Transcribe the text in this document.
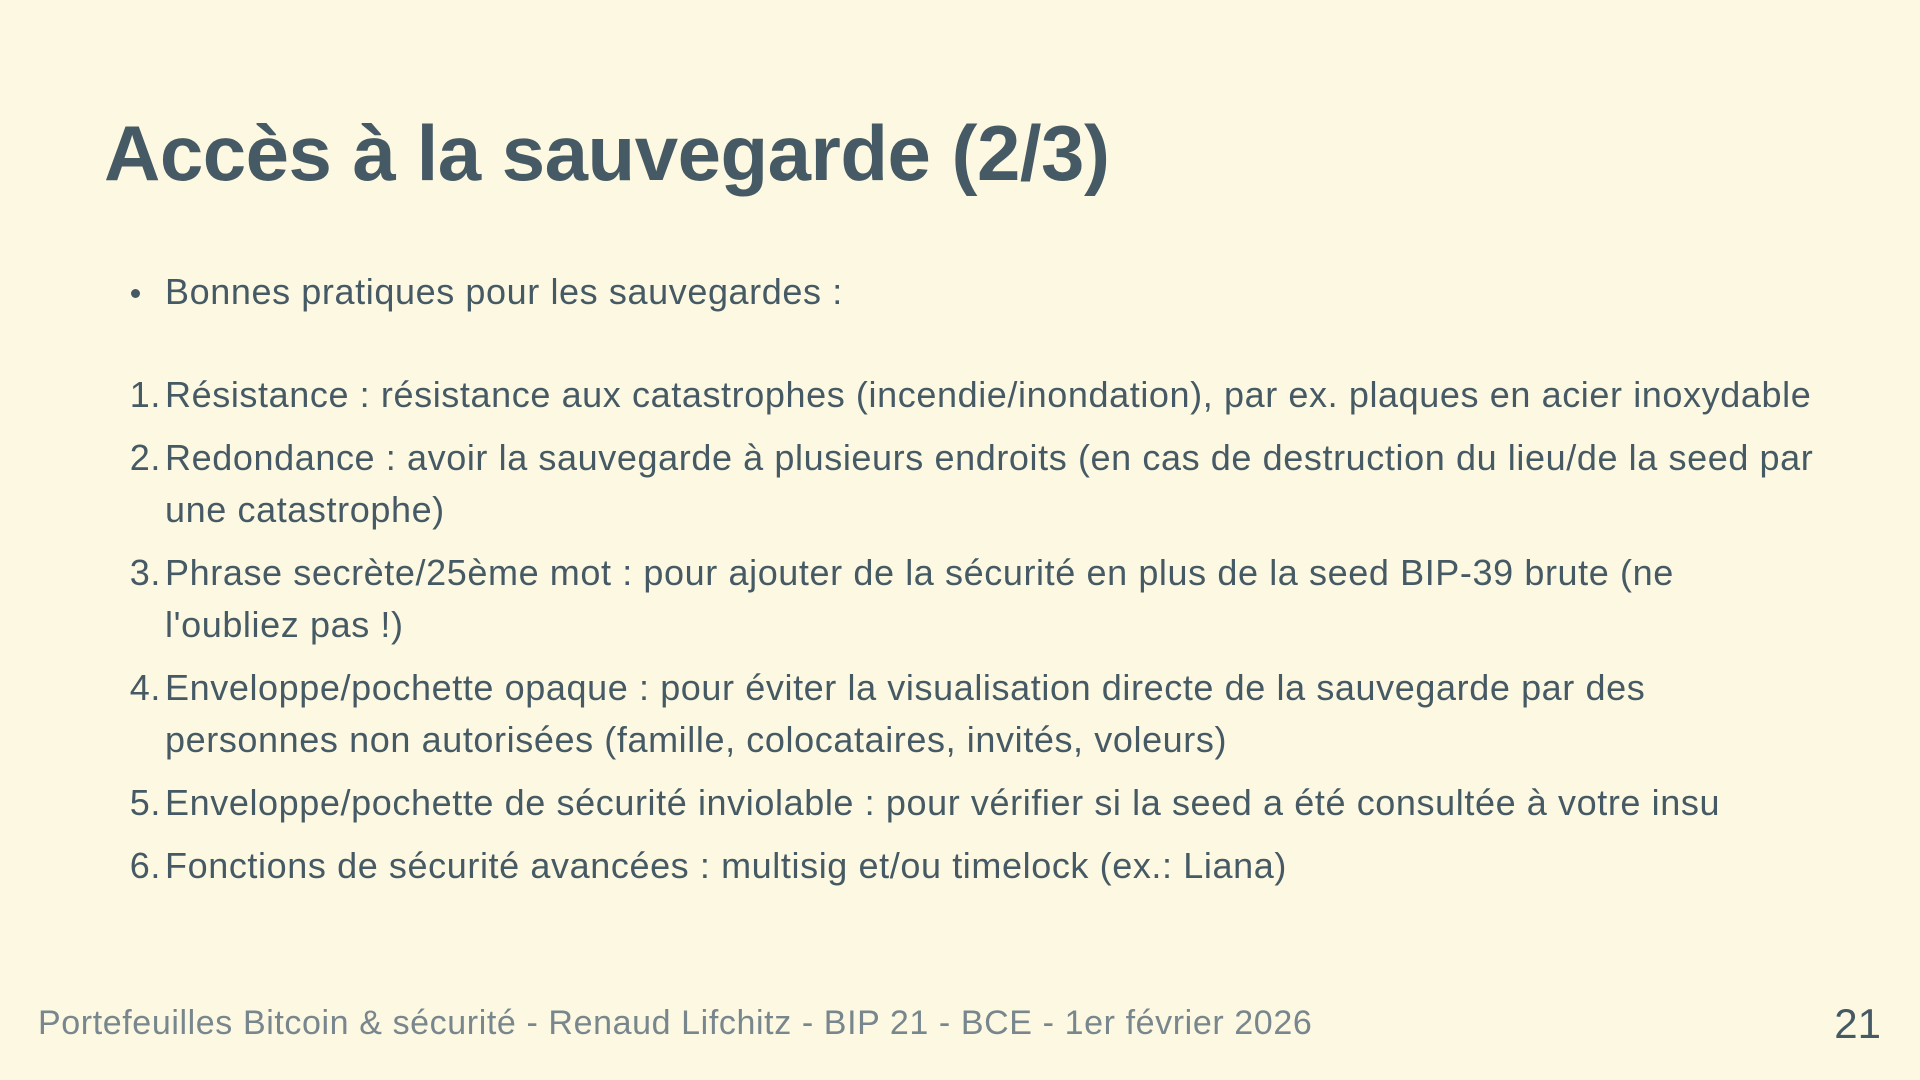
Accès à la sauvegarde (2/3)
Bonnes pratiques pour les sauvegardes :
1. Résistance : résistance aux catastrophes (incendie/inondation), par ex. plaques en acier inoxydable
2. Redondance : avoir la sauvegarde à plusieurs endroits (en cas de destruction du lieu/de la seed par une catastrophe)
3. Phrase secrète/25ème mot : pour ajouter de la sécurité en plus de la seed BIP-39 brute (ne l'oubliez pas !)
4. Enveloppe/pochette opaque : pour éviter la visualisation directe de la sauvegarde par des personnes non autorisées (famille, colocataires, invités, voleurs)
5. Enveloppe/pochette de sécurité inviolable : pour vérifier si la seed a été consultée à votre insu
6. Fonctions de sécurité avancées : multisig et/ou timelock (ex.: Liana)
Portefeuilles Bitcoin & sécurité - Renaud Lifchitz - BIP 21 - BCE - 1er février 2026	21
